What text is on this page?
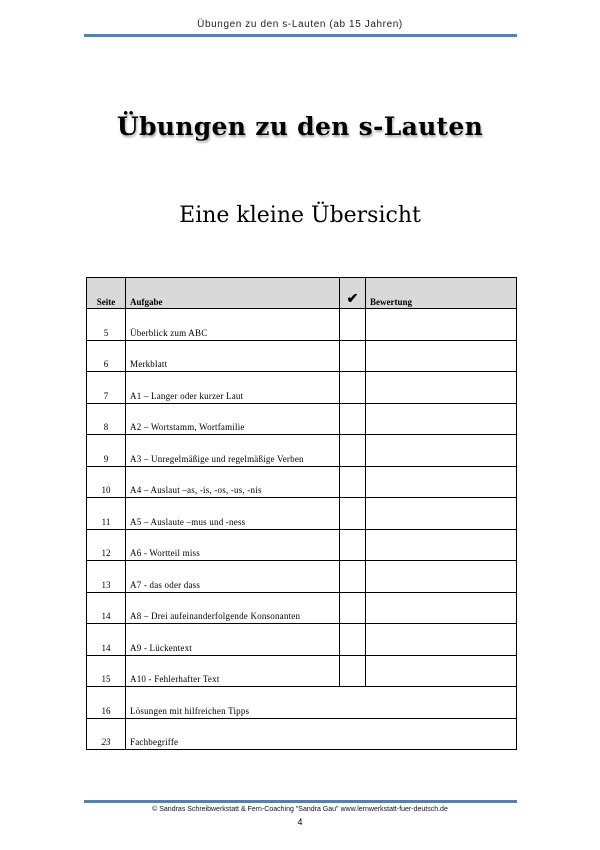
Übungen zu den s-Lauten (ab 15 Jahren)
Übungen zu den s-Lauten
Eine kleine Übersicht
Seite	Aufgabe	✔	Bewertung
5	Überblick zum ABC		
6	Merkblatt		
7	A1 – Langer oder kurzer Laut		
8	A2 – Wortstamm, Wortfamilie		
9	A3 – Unregelmäßige und regelmäßige Verben		
10	A4 – Auslaut –as, -is, -os, -us, -nis		
11	A5 – Auslaute –mus und -ness		
12	A6 - Wortteil miss		
13	A7 - das oder dass		
14	A8 – Drei aufeinanderfolgende Konsonanten		
14	A9 - Lückentext		
15	A10 - Fehlerhafter Text		
16	Lösungen mit hilfreichen Tipps		
23	Fachbegriffe		
© Sandras Schreibwerkstatt & Fern-Coaching "Sandra Gau" www.lernwerkstatt-fuer-deutsch.de
4
